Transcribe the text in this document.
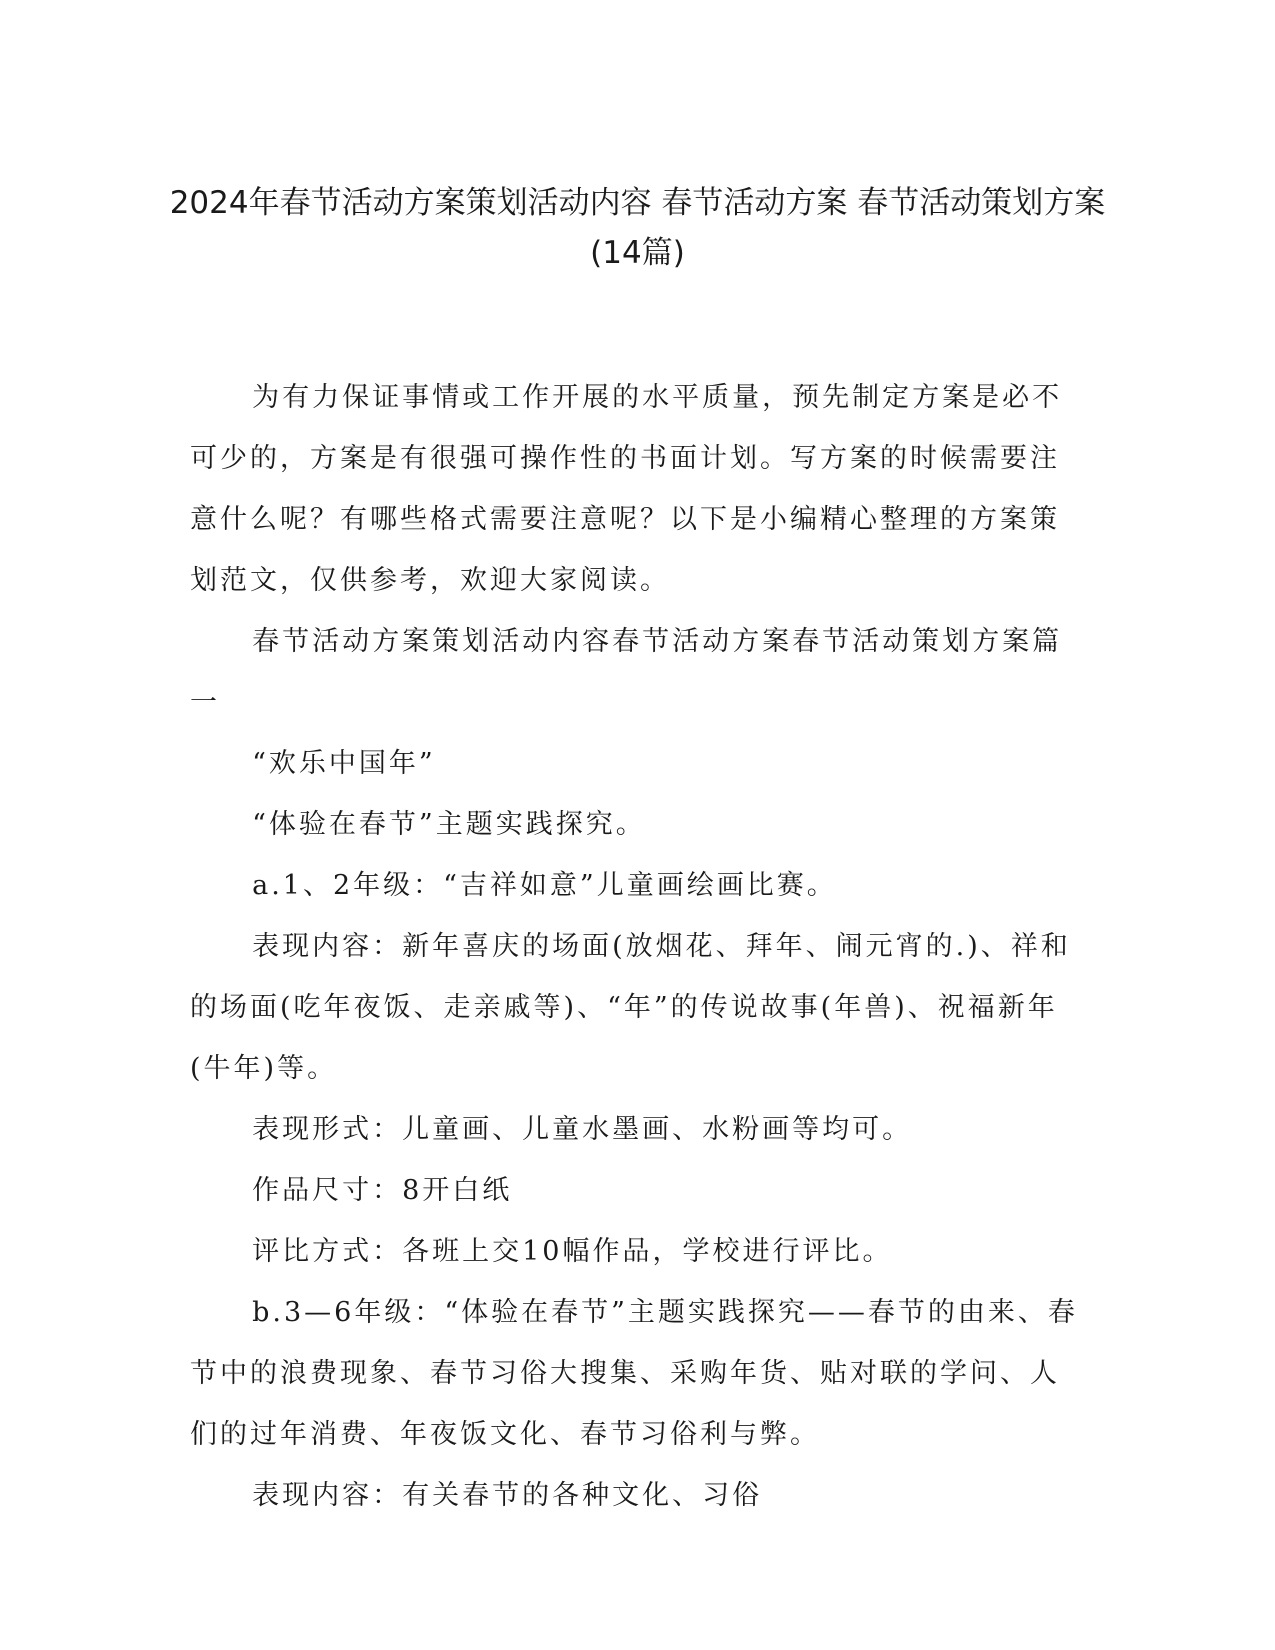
2024年春节活动方案策划活动内容 春节活动方案 春节活动策划方案(14篇)

为有力保证事情或工作开展的水平质量，预先制定方案是必不可少的，方案是有很强可操作性的书面计划。写方案的时候需要注意什么呢？有哪些格式需要注意呢？以下是小编精心整理的方案策划范文，仅供参考，欢迎大家阅读。

春节活动方案策划活动内容春节活动方案春节活动策划方案篇一

“欢乐中国年”

“体验在春节”主题实践探究。

a.1、2年级：“吉祥如意”儿童画绘画比赛。

表现内容：新年喜庆的场面(放烟花、拜年、闹元宵的.)、祥和的场面(吃年夜饭、走亲戚等)、“年”的传说故事(年兽)、祝福新年(牛年)等。

表现形式：儿童画、儿童水墨画、水粉画等均可。

作品尺寸：8开白纸

评比方式：各班上交10幅作品，学校进行评比。

b.3—6年级：“体验在春节”主题实践探究——春节的由来、春节中的浪费现象、春节习俗大搜集、采购年货、贴对联的学问、人们的过年消费、年夜饭文化、春节习俗利与弊。

表现内容：有关春节的各种文化、习俗
